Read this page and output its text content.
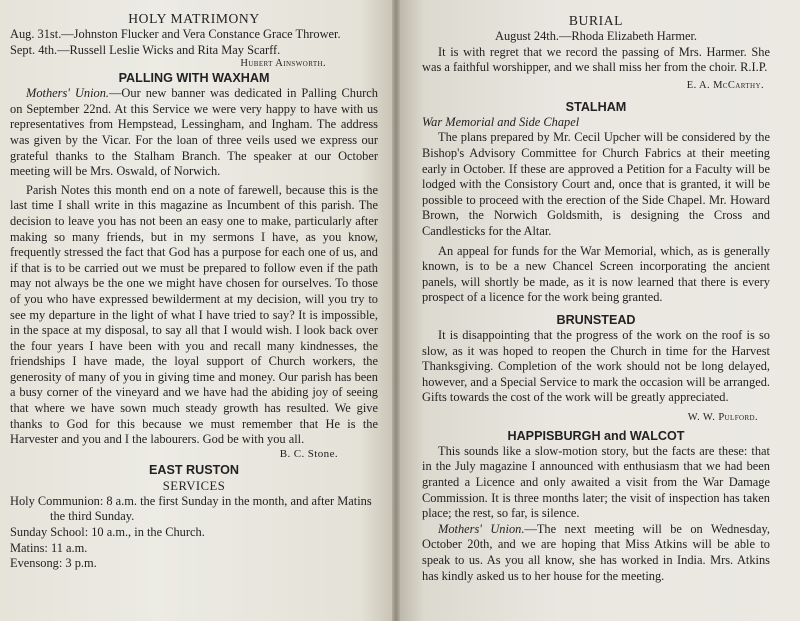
HOLY MATRIMONY

Aug. 31st.—Johnston Flucker and Vera Constance Grace Thrower.

Sept. 4th.—Russell Leslie Wicks and Rita May Scarff.

Hubert Ainsworth.
PALLING WITH WAXHAM

Mothers' Union.—Our new banner was dedicated in Palling Church on September 22nd. At this Service we were very happy to have with us representatives from Hempstead, Lessingham, and Ingham. The address was given by the Vicar. For the loan of three veils used we express our grateful thanks to the Stalham Branch. The speaker at our October meeting will be Mrs. Oswald, of Norwich.

Parish Notes this month end on a note of farewell, because this is the last time I shall write in this magazine as Incumbent of this parish. The decision to leave you has not been an easy one to make, particularly after making so many friends, but in my sermons I have, as you know, frequently stressed the fact that God has a purpose for each one of us, and if that is to be carried out we must be prepared to follow even if the path may not always be the one we might have chosen for ourselves. To those of you who have expressed bewilderment at my decision, will you try to see my departure in the light of what I have tried to say? It is impossible, in the space at my disposal, to say all that I would wish. I look back over the four years I have been with you and recall many kindnesses, the friendships I have made, the loyal support of Church workers, the generosity of many of you in giving time and money. Our parish has been a busy corner of the vineyard and we have had the abiding joy of seeing that where we have sown much steady growth has resulted. We give thanks to God for this because we must remember that He is the Harvester and you and I the labourers. God be with you all.

B. C. Stone.
EAST RUSTON
SERVICES

Holy Communion: 8 a.m. the first Sunday in the month, and after Matins the third Sunday.

Sunday School: 10 a.m., in the Church.

Matins: 11 a.m.

Evensong: 3 p.m.

BURIAL
August 24th.—Rhoda Elizabeth Harmer.

It is with regret that we record the passing of Mrs. Harmer. She was a faithful worshipper, and we shall miss her from the choir. R.I.P.

E. A. McCarthy.
STALHAM
War Memorial and Side Chapel

The plans prepared by Mr. Cecil Upcher will be considered by the Bishop's Advisory Committee for Church Fabrics at their meeting early in October. If these are approved a Petition for a Faculty will be lodged with the Consistory Court and, once that is granted, it will be possible to proceed with the erection of the Side Chapel. Mr. Howard Brown, the Norwich Goldsmith, is designing the Cross and Candlesticks for the Altar.

An appeal for funds for the War Memorial, which, as is generally known, is to be a new Chancel Screen incorporating the ancient panels, will shortly be made, as it is now learned that there is every prospect of a licence for the work being granted.

BRUNSTEAD

It is disappointing that the progress of the work on the roof is so slow, as it was hoped to reopen the Church in time for the Harvest Thanksgiving. Completion of the work should not be long delayed, however, and a Special Service to mark the occasion will be arranged. Gifts towards the cost of the work will be greatly appreciated.

W. W. Pulford.
HAPPISBURGH and WALCOT

This sounds like a slow-motion story, but the facts are these: that in the July magazine I announced with enthusiasm that we had been granted a Licence and only awaited a visit from the War Damage Commission. It is three months later; the visit of inspection has taken place; the rest, so far, is silence.

Mothers' Union.—The next meeting will be on Wednesday, October 20th, and we are hoping that Miss Atkins will be able to speak to us. As you all know, she has worked in India. Mrs. Atkins has kindly asked us to her house for the meeting.
